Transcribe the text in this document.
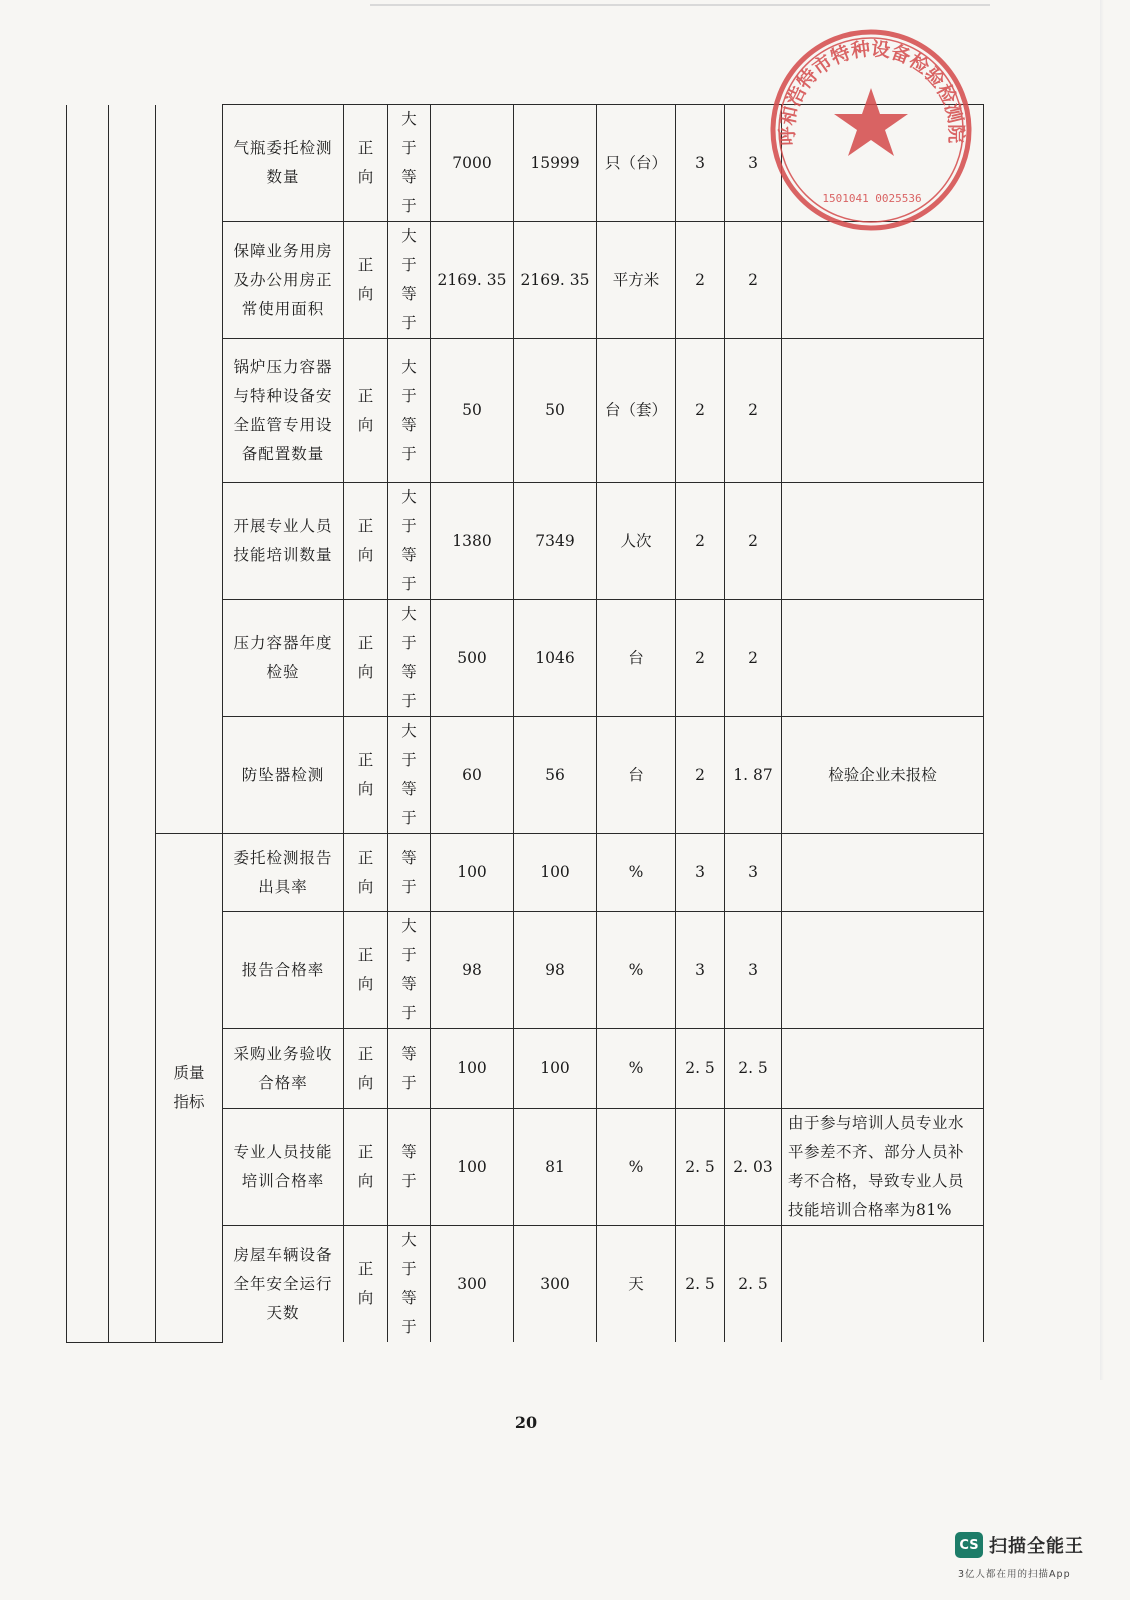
			气瓶委托检测数量	正向	大于等于	7000	15999	只（台）	3	3	
			保障业务用房及办公用房正常使用面积	正向	大于等于	2169. 35	2169. 35	平方米	2	2	
			锅炉压力容器与特种设备安全监管专用设备配置数量	正向	大于等于	50	50	台（套）	2	2	
			开展专业人员技能培训数量	正向	大于等于	1380	7349	人次	2	2	
			压力容器年度检验	正向	大于等于	500	1046	台	2	2	
			防坠器检测	正向	大于等于	60	56	台	2	1. 87	检验企业未报检
		质量指标	委托检测报告出具率	正向	等于	100	100	%	3	3	
			报告合格率	正向	大于等于	98	98	%	3	3	
			采购业务验收合格率	正向	等于	100	100	%	2. 5	2. 5	
			专业人员技能培训合格率	正向	等于	100	81	%	2. 5	2. 03	由于参与培训人员专业水平参差不齐、部分人员补考不合格，导致专业人员技能培训合格率为81%
			房屋车辆设备全年安全运行天数	正向	大于等于	300	300	天	2. 5	2. 5	
呼和浩特市特种设备检验检测院
1501041 0025536
20
CS 扫描全能王
3亿人都在用的扫描App
